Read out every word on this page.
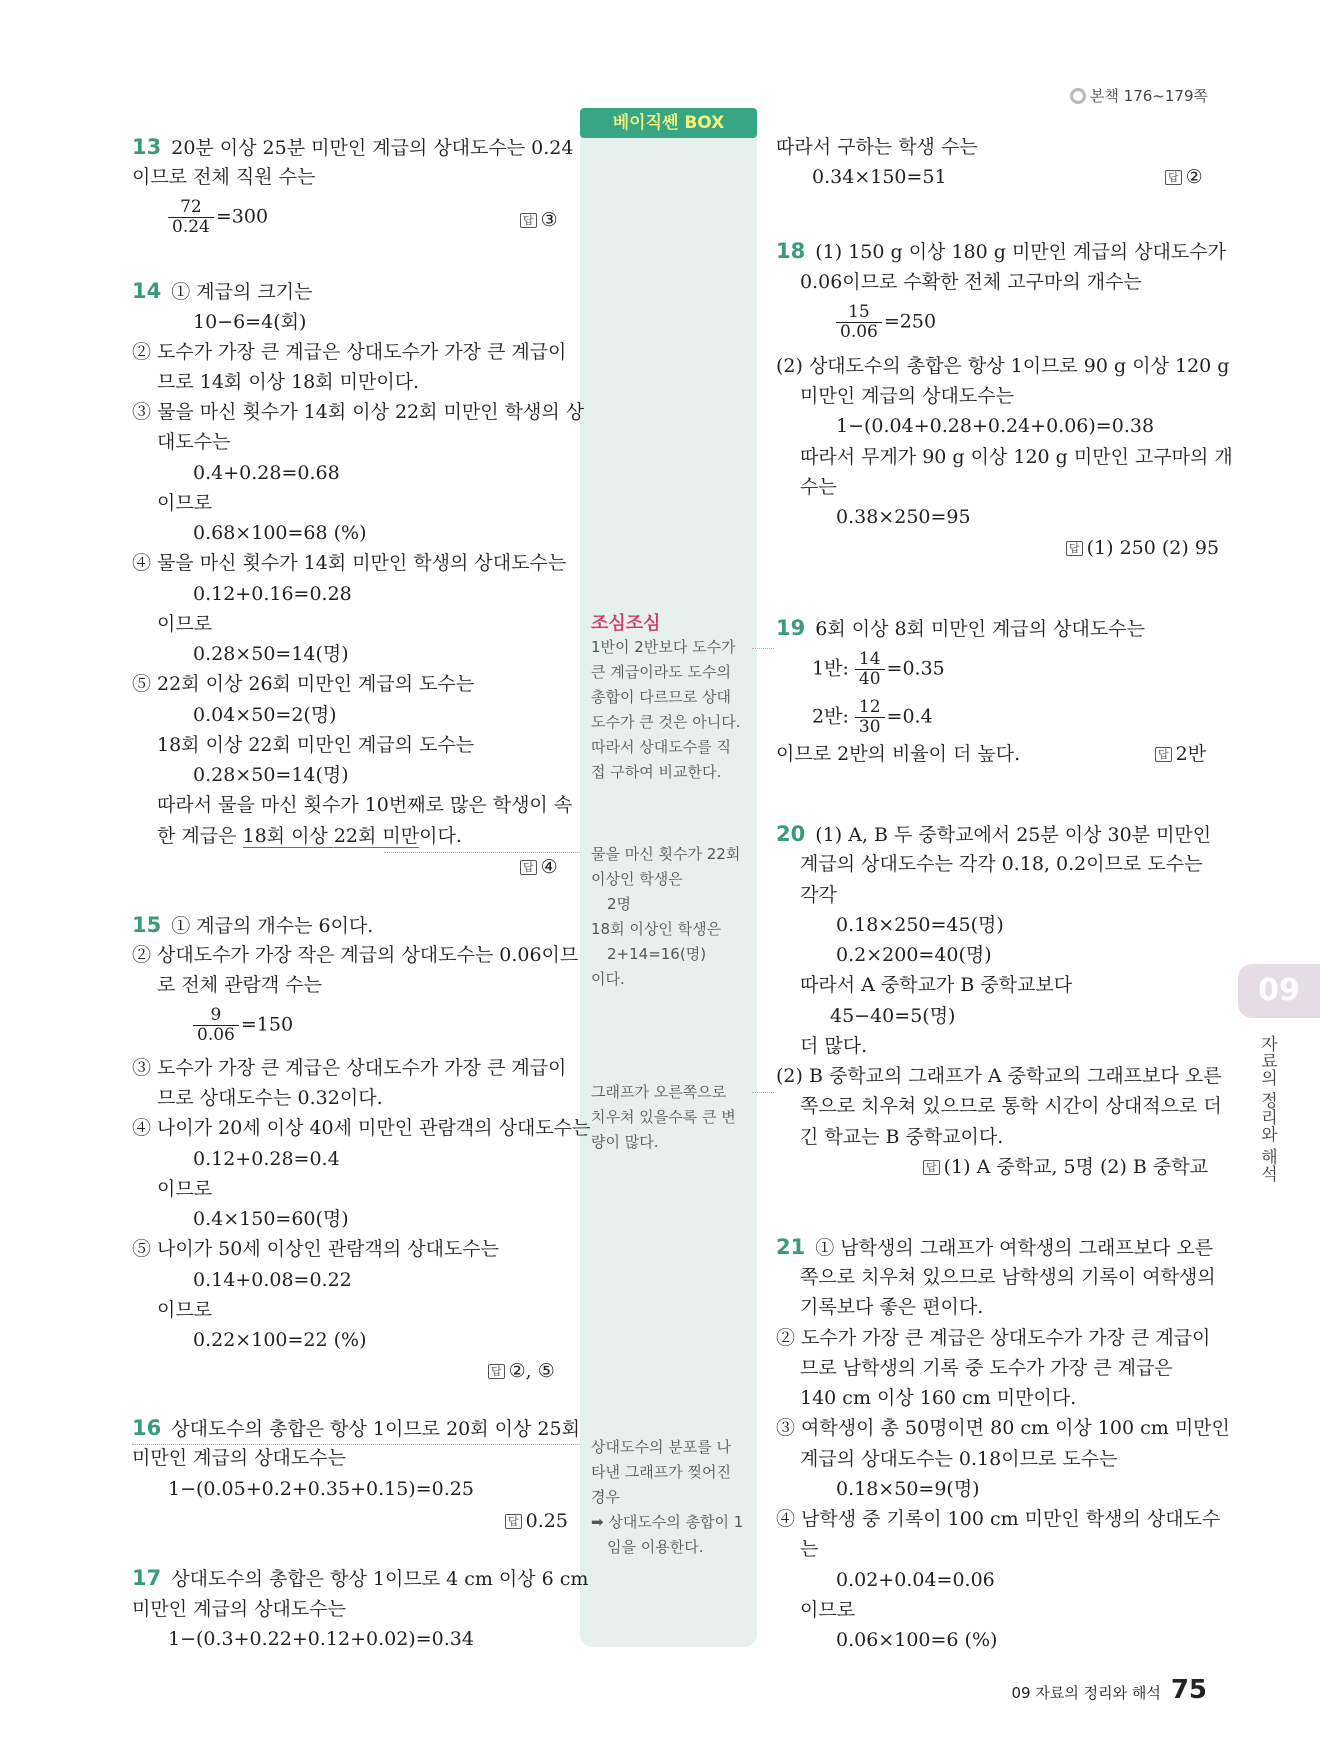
본책 176~179쪽
베이직쎈 BOX
09
자료의 정리와 해석
13 20분 이상 25분 미만인 계급의 상대도수는 0.24
이므로 전체 직원 수는
$\frac{72}{0.24} =300$	답 ③
14 ① 계급의 크기는
10−6=4(회)
② 도수가 가장 큰 계급은 상대도수가 가장 큰 계급이
므로 14회 이상 18회 미만이다.
③ 물을 마신 횟수가 14회 이상 22회 미만인 학생의 상
대도수는
0.4+0.28=0.68
이므로
0.68×100=68 (%)
④ 물을 마신 횟수가 14회 미만인 학생의 상대도수는
0.12+0.16=0.28
이므로
0.28×50=14(명)
⑤ 22회 이상 26회 미만인 계급의 도수는
0.04×50=2(명)
18회 이상 22회 미만인 계급의 도수는
0.28×50=14(명)
따라서 물을 마신 횟수가 10번째로 많은 학생이 속
한 계급은 18회 이상 22회 미만이다.
답 ④
15 ① 계급의 개수는 6이다.
② 상대도수가 가장 작은 계급의 상대도수는 0.06이므
로 전체 관람객 수는
$\frac{9}{0.06} =150$
③ 도수가 가장 큰 계급은 상대도수가 가장 큰 계급이
므로 상대도수는 0.32이다.
④ 나이가 20세 이상 40세 미만인 관람객의 상대도수는
0.12+0.28=0.4
이므로
0.4×150=60(명)
⑤ 나이가 50세 이상인 관람객의 상대도수는
0.14+0.08=0.22
이므로
0.22×100=22 (%)
답 ②, ⑤
16 상대도수의 총합은 항상 1이므로 20회 이상 25회
미만인 계급의 상대도수는
1−(0.05+0.2+0.35+0.15)=0.25
답 0.25
17 상대도수의 총합은 항상 1이므로 4 cm 이상 6 cm
미만인 계급의 상대도수는
1−(0.3+0.22+0.12+0.02)=0.34
조심조심
1반이 2반보다 도수가
큰 계급이라도 도수의
총합이 다르므로 상대
도수가 큰 것은 아니다.
따라서 상대도수를 직
접 구하여 비교한다.
물을 마신 횟수가 22회
이상인 학생은
2명
18회 이상인 학생은
2+14=16(명)
이다.
그래프가 오른쪽으로
치우쳐 있을수록 큰 변
량이 많다.
상대도수의 분포를 나
타낸 그래프가 찢어진
경우
➡ 상대도수의 총합이 1
임을 이용한다.
따라서 구하는 학생 수는
0.34×150=51	답 ②
18 (1) 150 g 이상 180 g 미만인 계급의 상대도수가
0.06이므로 수확한 전체 고구마의 개수는
$\frac{15}{0.06} =250$
(2) 상대도수의 총합은 항상 1이므로 90 g 이상 120 g
미만인 계급의 상대도수는
1−(0.04+0.28+0.24+0.06)=0.38
따라서 무게가 90 g 이상 120 g 미만인 고구마의 개
수는
0.38×250=95
답 (1) 250 (2) 95
19 6회 이상 8회 미만인 계급의 상대도수는
1반: $\frac{14}{40} =0.35$
2반: $\frac{12}{30} =0.4$
이므로 2반의 비율이 더 높다.	답 2반
20 (1) A, B 두 중학교에서 25분 이상 30분 미만인
계급의 상대도수는 각각 0.18, 0.2이므로 도수는
각각
0.18×250=45(명)
0.2×200=40(명)
따라서 A 중학교가 B 중학교보다
45−40=5(명)
더 많다.
(2) B 중학교의 그래프가 A 중학교의 그래프보다 오른
쪽으로 치우쳐 있으므로 통학 시간이 상대적으로 더
긴 학교는 B 중학교이다.
답 (1) A 중학교, 5명 (2) B 중학교
21 ① 남학생의 그래프가 여학생의 그래프보다 오른
쪽으로 치우쳐 있으므로 남학생의 기록이 여학생의
기록보다 좋은 편이다.
② 도수가 가장 큰 계급은 상대도수가 가장 큰 계급이
므로 남학생의 기록 중 도수가 가장 큰 계급은
140 cm 이상 160 cm 미만이다.
③ 여학생이 총 50명이면 80 cm 이상 100 cm 미만인
계급의 상대도수는 0.18이므로 도수는
0.18×50=9(명)
④ 남학생 중 기록이 100 cm 미만인 학생의 상대도수
는
0.02+0.04=0.06
이므로
0.06×100=6 (%)
09 자료의 정리와 해석 75
